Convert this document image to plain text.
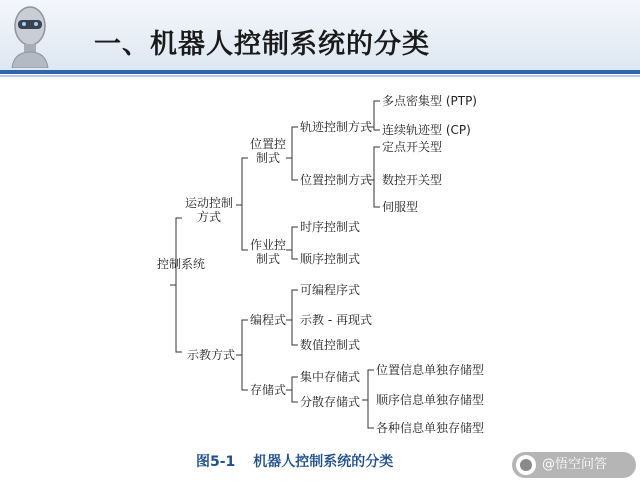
一、机器人控制系统的分类
控制系统
运动控制方式
示教方式
位置控制式
作业控制式
编程式
存储式
轨迹控制方式
位置控制方式
时序控制式
顺序控制式
可编程序式
示教 - 再现式
数值控制式
集中存储式
分散存储式
多点密集型 (PTP)
连续轨迹型 (CP)
定点开关型
数控开关型
伺服型
位置信息单独存储型
顺序信息单独存储型
各种信息单独存储型
图5-1 机器人控制系统的分类	@悟空问答
